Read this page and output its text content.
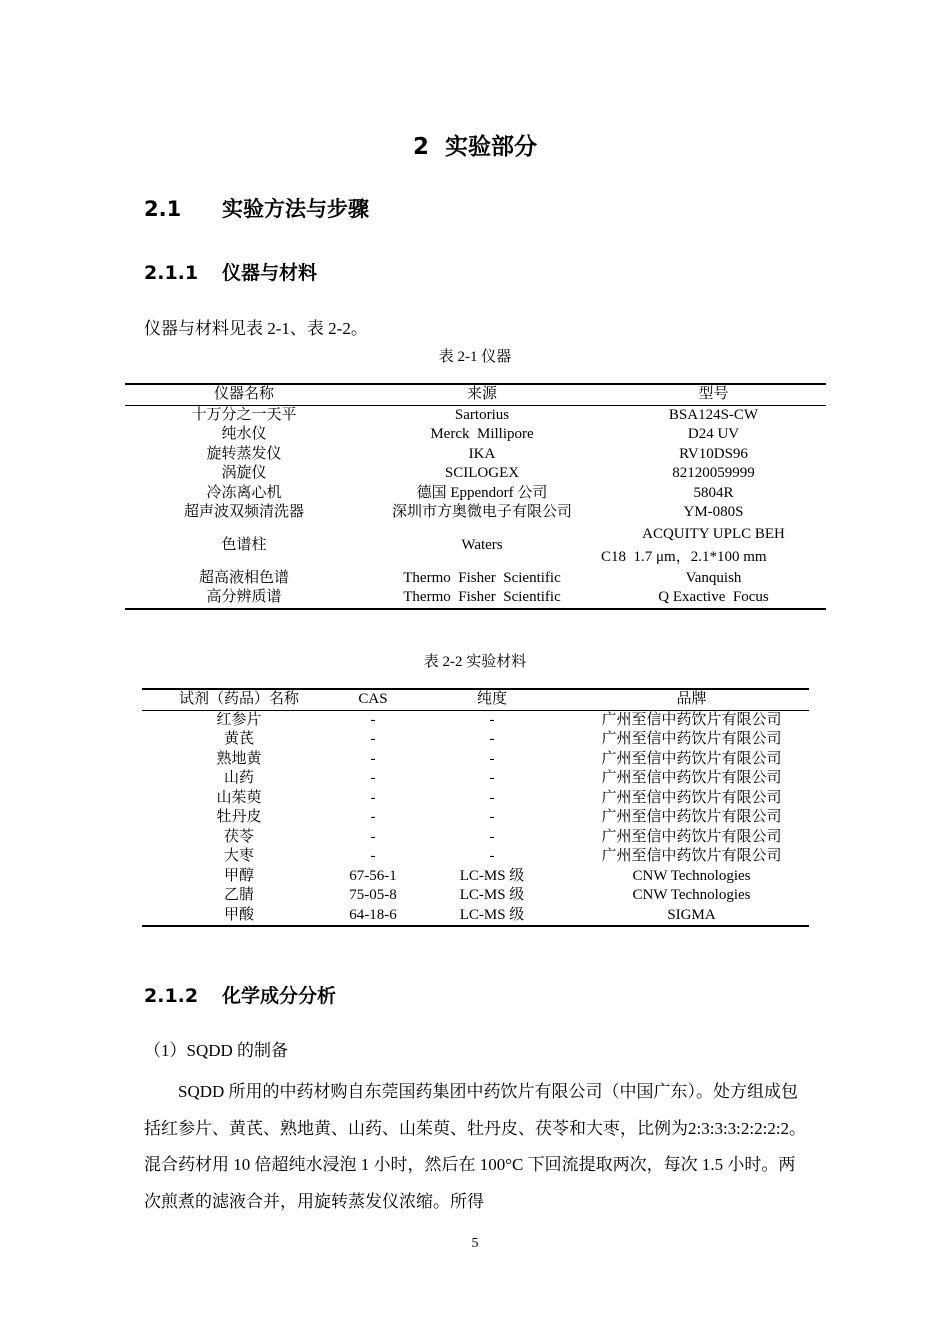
2 实验部分
2.1 实验方法与步骤
2.1.1 仪器与材料
仪器与材料见表 2-1、表 2-2。
表 2-1 仪器
仪器名称	来源	型号
十万分之一天平	Sartorius	BSA124S-CW
纯水仪	Merck  Millipore	D24 UV
旋转蒸发仪	IKA	RV10DS96
涡旋仪	SCILOGEX	82120059999
冷冻离心机	德国 Eppendorf 公司	5804R
超声波双频清洗器	深圳市方奥微电子有限公司	YM-080S
色谱柱	Waters	ACQUITY UPLC BEH
C18  1.7 μm，2.1*100 mm

超高液相色谱	Thermo  Fisher  Scientific	Vanquish
高分辨质谱	Thermo  Fisher  Scientific	Q Exactive  Focus
表 2-2 实验材料
试剂（药品）名称	CAS	纯度	品牌
红参片	-	-	广州至信中药饮片有限公司
黄芪	-	-	广州至信中药饮片有限公司
熟地黄	-	-	广州至信中药饮片有限公司
山药	-	-	广州至信中药饮片有限公司
山茱萸	-	-	广州至信中药饮片有限公司
牡丹皮	-	-	广州至信中药饮片有限公司
茯苓	-	-	广州至信中药饮片有限公司
大枣	-	-	广州至信中药饮片有限公司
甲醇	67-56-1	LC-MS 级	CNW Technologies
乙腈	75-05-8	LC-MS 级	CNW Technologies
甲酸	64-18-6	LC-MS 级	SIGMA
2.1.2 化学成分分析
（1）SQDD 的制备
SQDD 所用的中药材购自东莞国药集团中药饮片有限公司（中国广东）。处方组成包括红参片、黄芪、熟地黄、山药、山茱萸、牡丹皮、茯苓和大枣，比例为2:3:3:3:2:2:2:2。混合药材用 10 倍超纯水浸泡 1 小时，然后在 100°C 下回流提取两次，每次 1.5 小时。两次煎煮的滤液合并，用旋转蒸发仪浓缩。所得
5
